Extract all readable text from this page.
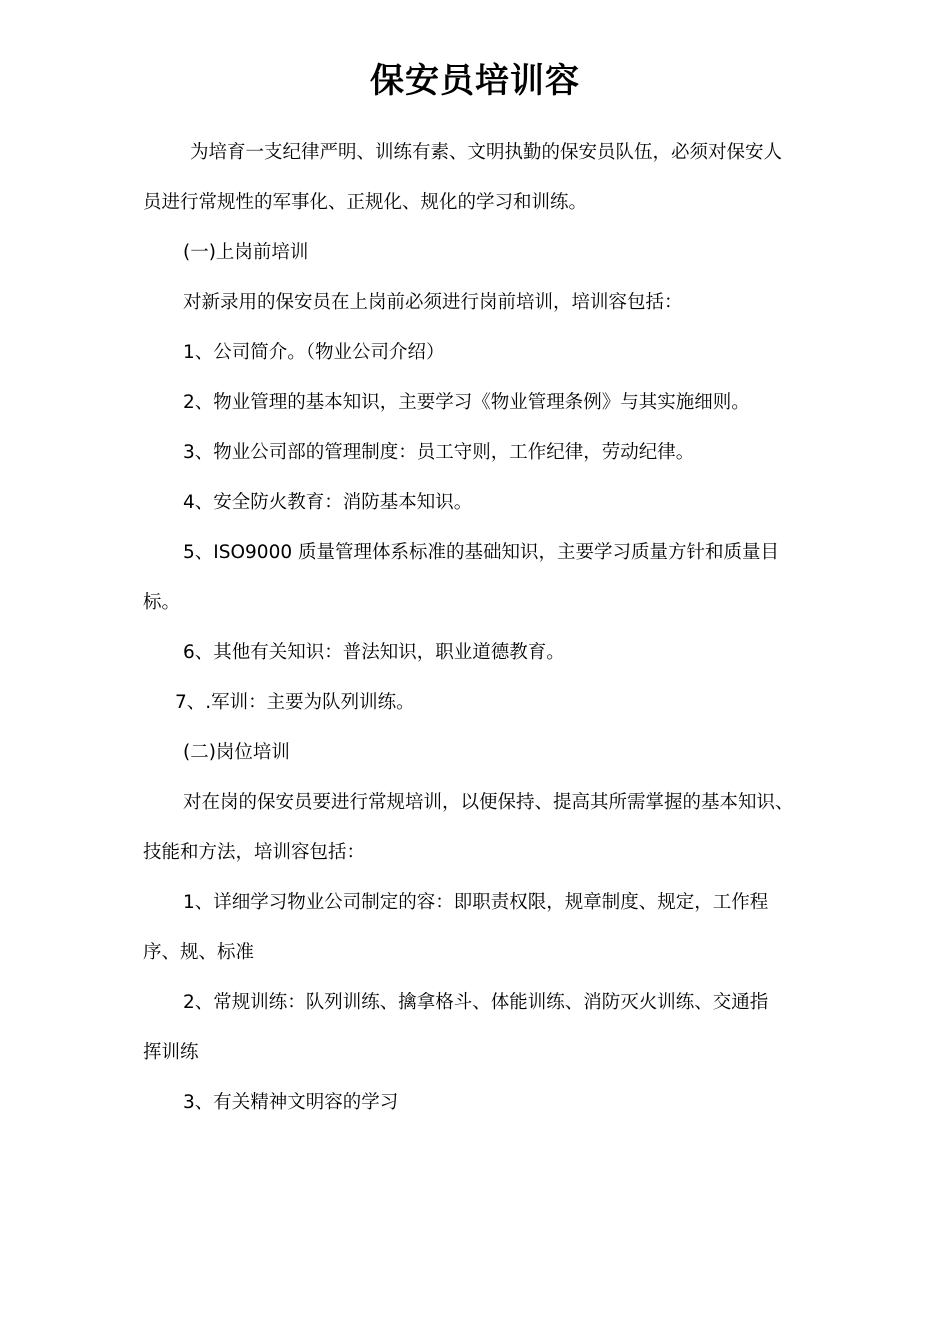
保安员培训容

为培育一支纪律严明、训练有素、文明执勤的保安员队伍，必须对保安人

员进行常规性的军事化、正规化、规化的学习和训练。

(一)上岗前培训

对新录用的保安员在上岗前必须进行岗前培训，培训容包括：

1、公司简介。（物业公司介绍）

2、物业管理的基本知识，主要学习《物业管理条例》与其实施细则。

3、物业公司部的管理制度：员工守则，工作纪律，劳动纪律。

4、安全防火教育：消防基本知识。

5、ISO9000 质量管理体系标准的基础知识，主要学习质量方针和质量目

标。

6、其他有关知识：普法知识，职业道德教育。

7、.军训：主要为队列训练。

(二)岗位培训

对在岗的保安员要进行常规培训，以便保持、提高其所需掌握的基本知识、

技能和方法，培训容包括：

1、详细学习物业公司制定的容：即职责权限，规章制度、规定，工作程

序、规、标准

2、常规训练：队列训练、擒拿格斗、体能训练、消防灭火训练、交通指

挥训练

3、有关精神文明容的学习
